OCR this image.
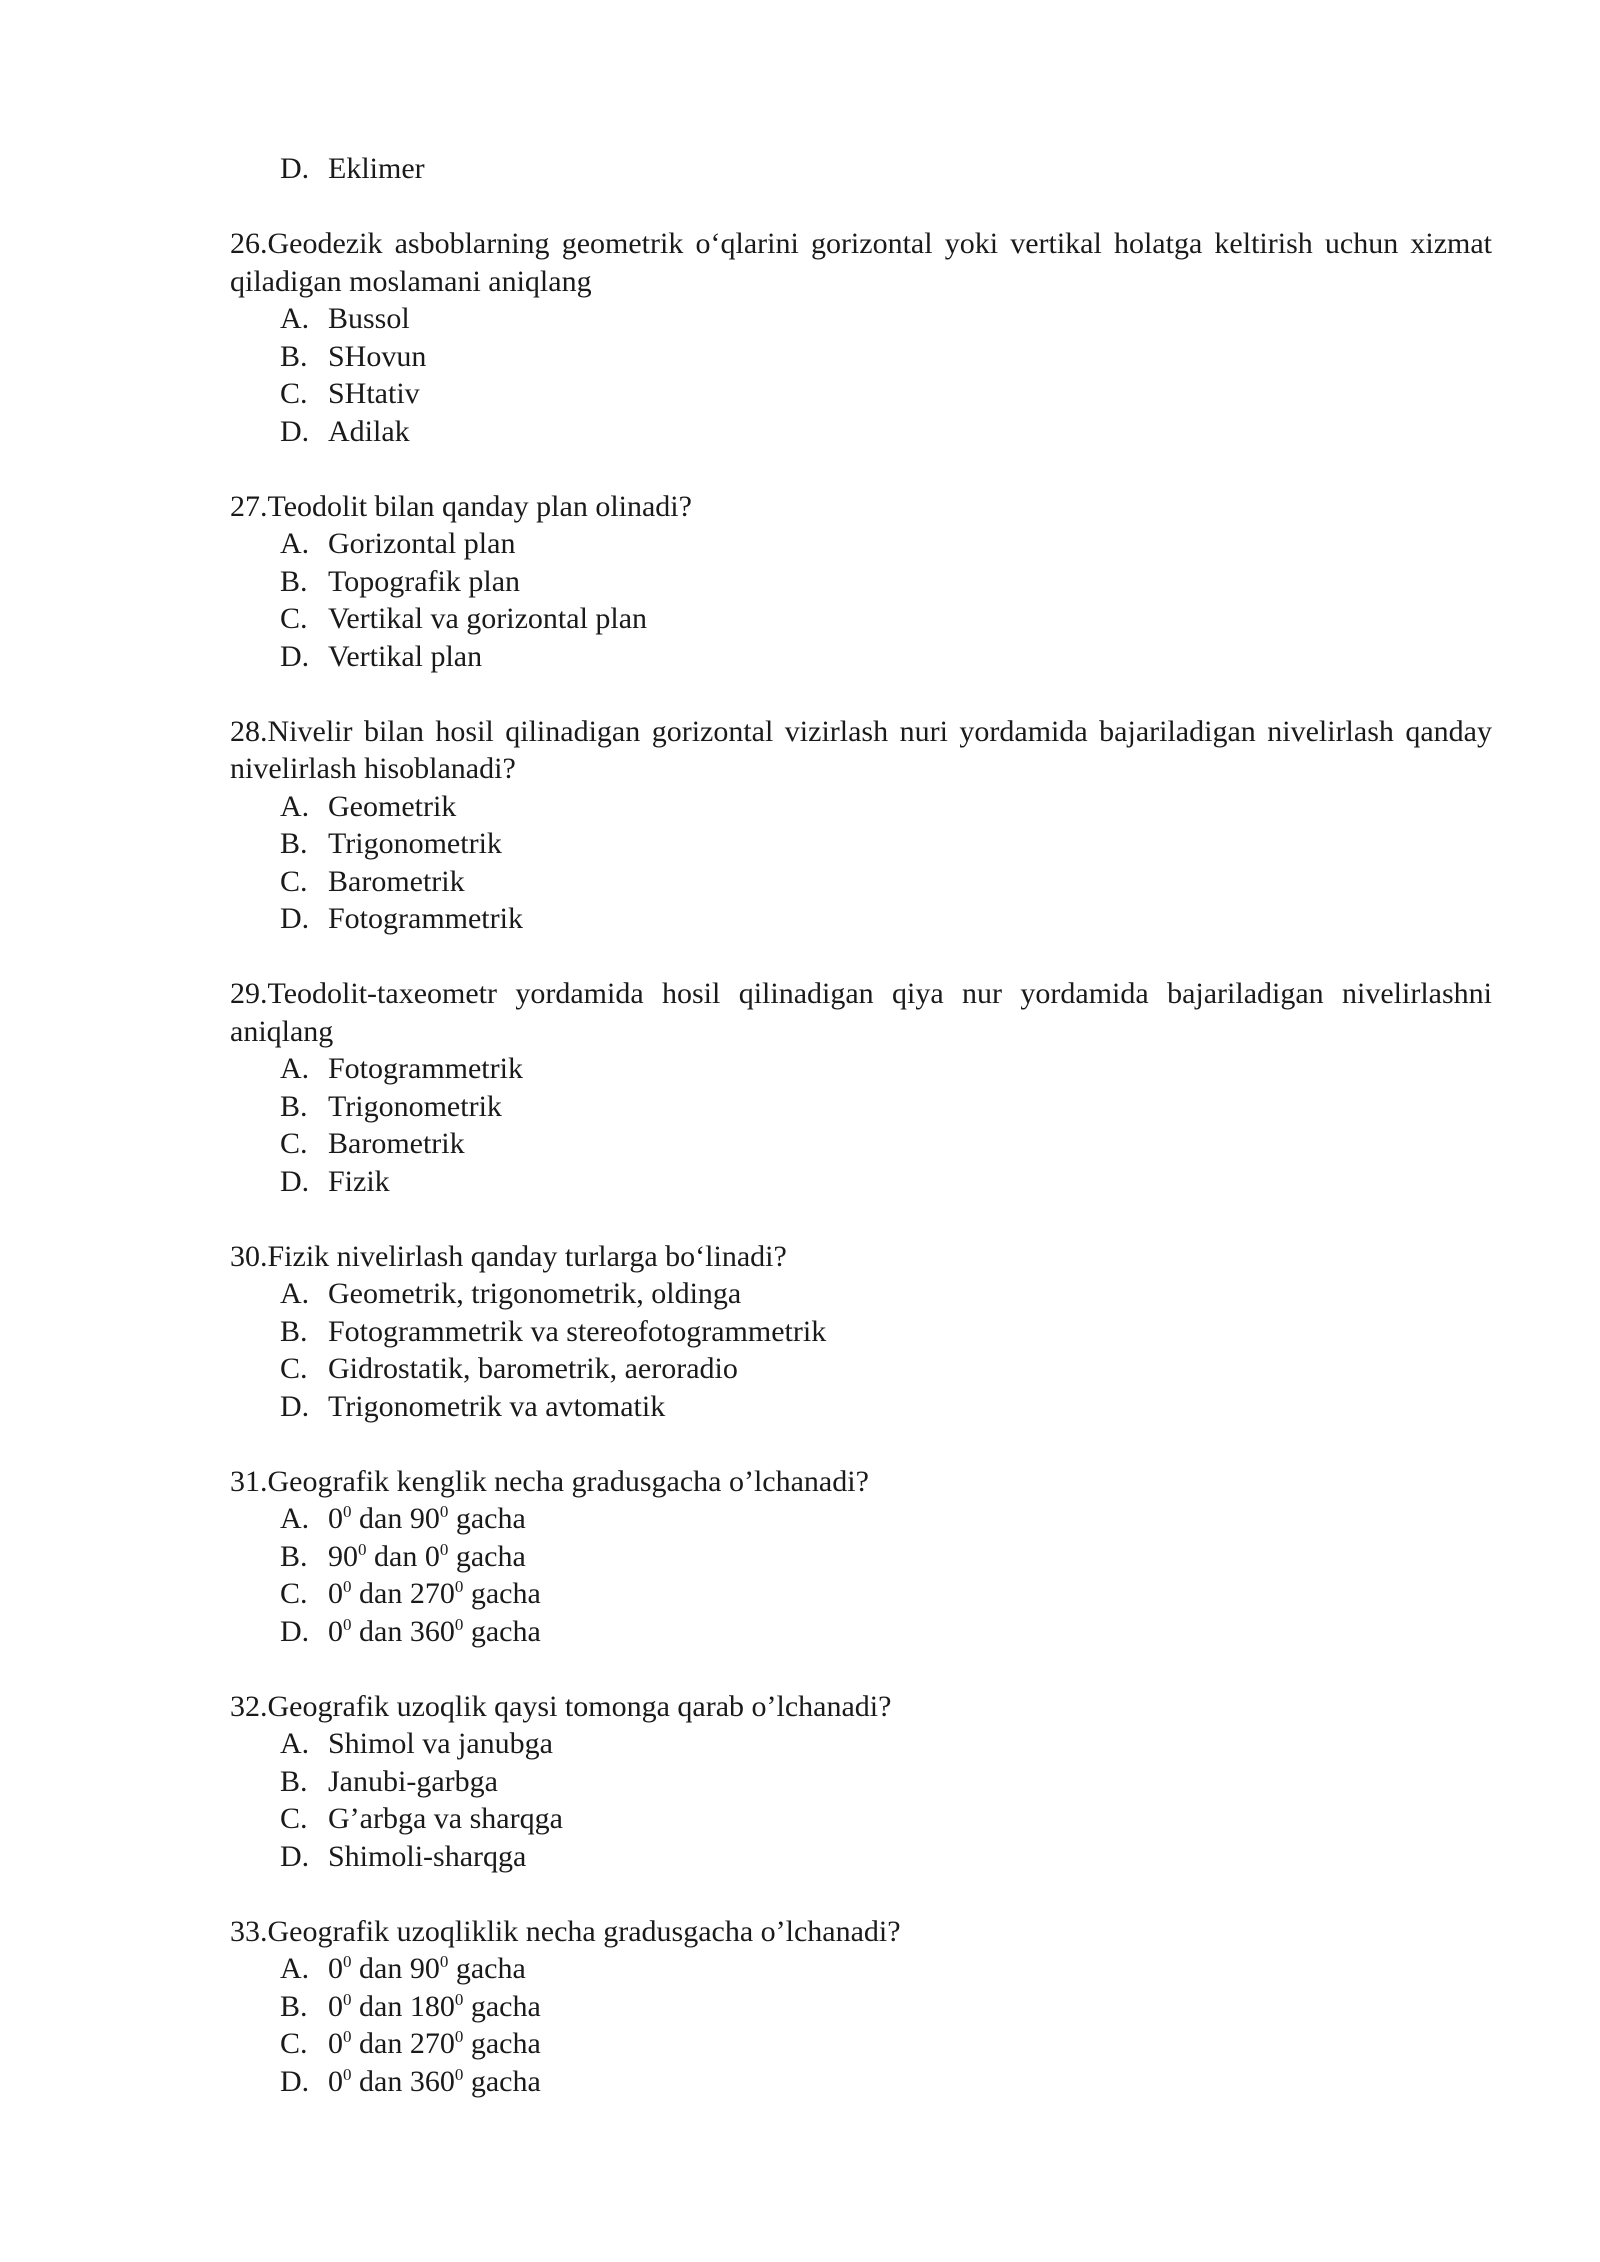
D. Eklimer
26.Geodezik asboblarning geometrik o‘qlarini gorizontal yoki vertikal holatga keltirish uchun xizmat qiladigan moslamani aniqlang
A. Bussol
B. SHovun
C. SHtativ
D. Adilak
27.Teodolit bilan qanday plan olinadi?
A. Gorizontal plan
B. Topografik plan
C. Vertikal va gorizontal plan
D. Vertikal plan
28.Nivelir bilan hosil qilinadigan gorizontal vizirlash nuri yordamida bajariladigan nivelirlash qanday nivelirlash hisoblanadi?
A. Geometrik
B. Trigonometrik
C. Barometrik
D. Fotogrammetrik
29.Teodolit-taxeometr yordamida hosil qilinadigan qiya nur yordamida bajariladigan nivelirlashni aniqlang
A. Fotogrammetrik
B. Trigonometrik
C. Barometrik
D. Fizik
30.Fizik nivelirlash qanday turlarga bo‘linadi?
A. Geometrik, trigonometrik, oldinga
B. Fotogrammetrik va stereofotogrammetrik
C. Gidrostatik, barometrik, aeroradio
D. Trigonometrik va avtomatik
31.Geografik kenglik necha gradusgacha o’lchanadi?
A. $0^0$ dan $90^0$ gacha
B. $90^0$ dan $0^0$ gacha
C. $0^0$ dan $270^0$ gacha
D. $0^0$ dan $360^0$ gacha
32.Geografik uzoqlik qaysi tomonga qarab o’lchanadi?
A. Shimol va janubga
B. Janubi-garbga
C. G’arbga va sharqga
D. Shimoli-sharqga
33.Geografik uzoqliklik necha gradusgacha o’lchanadi?
A. $0^0$ dan $90^0$ gacha
B. $0^0$ dan $180^0$ gacha
C. $0^0$ dan $270^0$ gacha
D. $0^0$ dan $360^0$ gacha
